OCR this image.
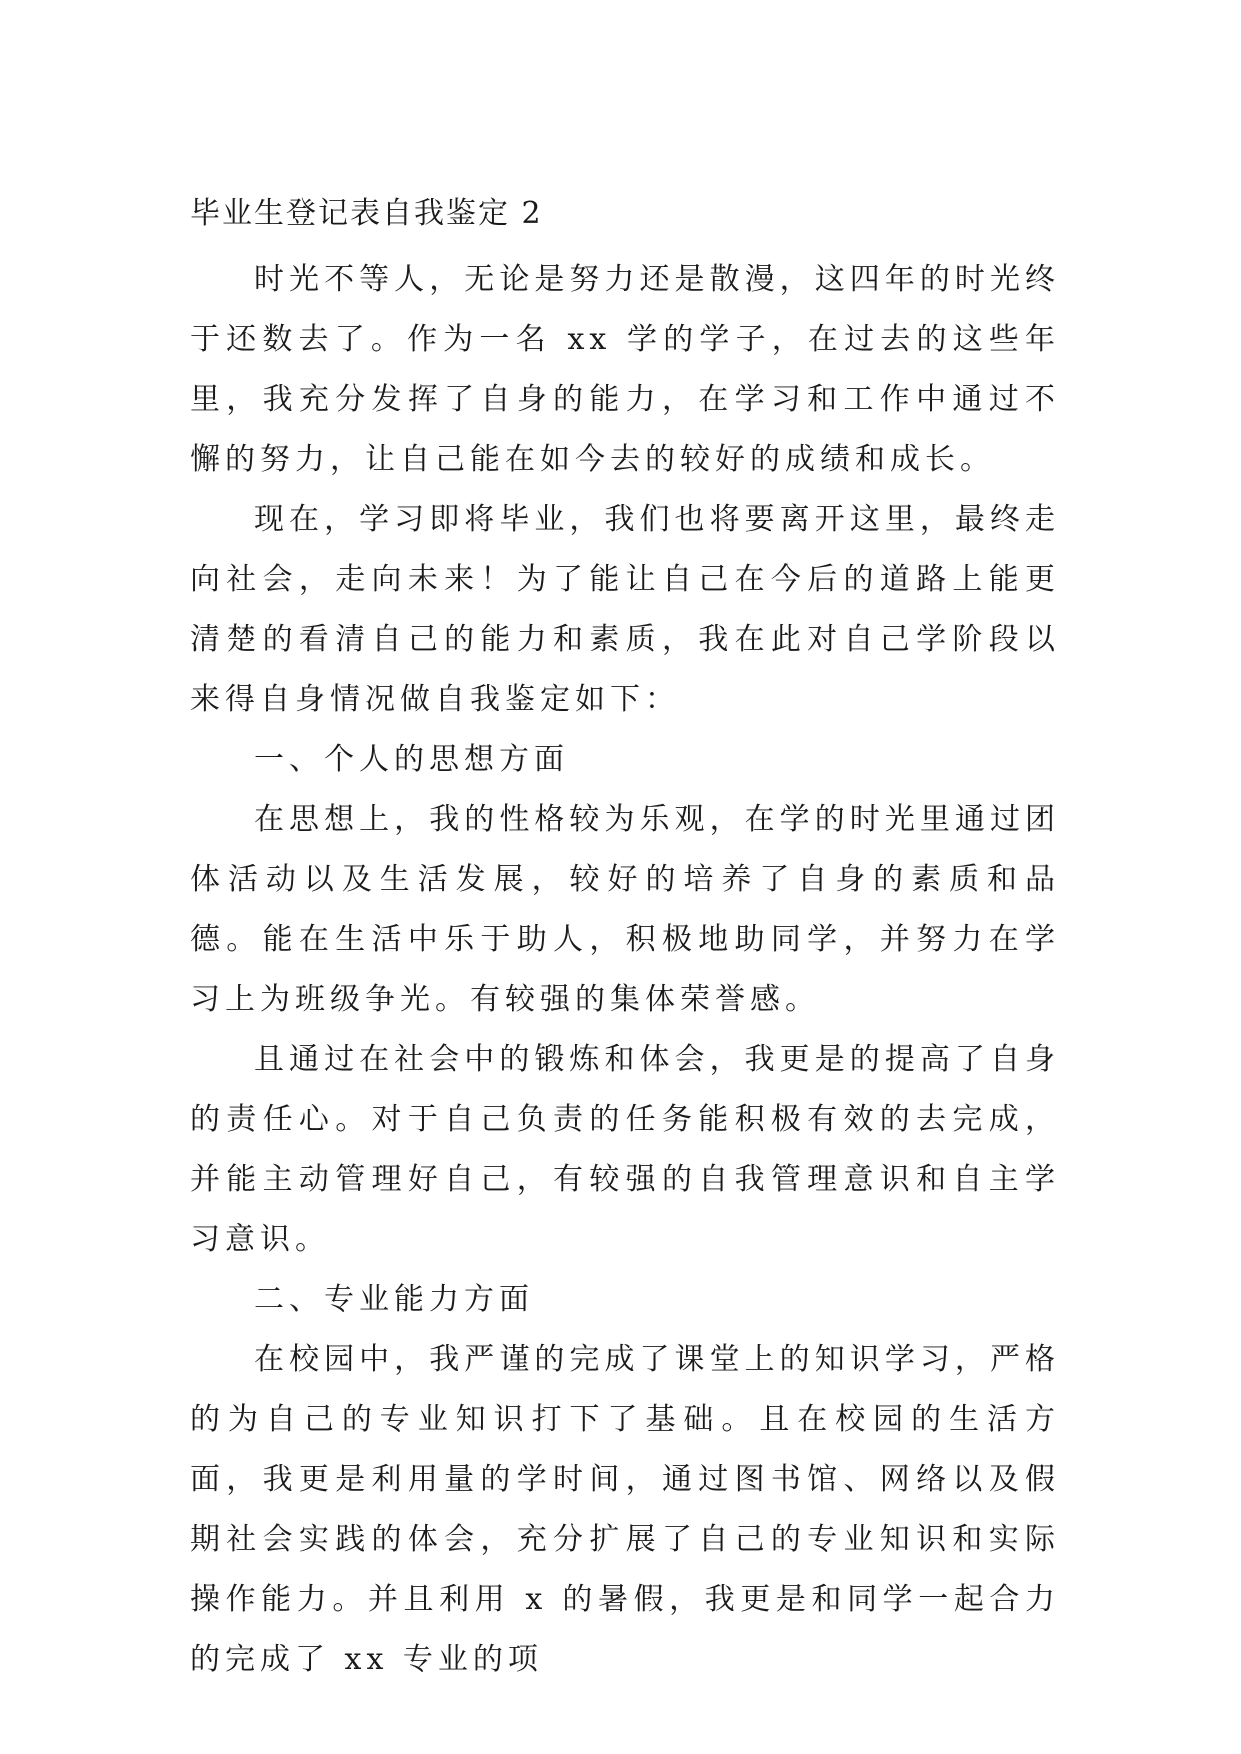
毕业生登记表自我鉴定 2

时光不等人，无论是努力还是散漫，这四年的时光终于还数去了。作为一名 xx 学的学子，在过去的这些年里，我充分发挥了自身的能力，在学习和工作中通过不懈的努力，让自己能在如今去的较好的成绩和成长。

现在，学习即将毕业，我们也将要离开这里，最终走向社会，走向未来！为了能让自己在今后的道路上能更清楚的看清自己的能力和素质，我在此对自己学阶段以来得自身情况做自我鉴定如下：

一、个人的思想方面

在思想上，我的性格较为乐观，在学的时光里通过团体活动以及生活发展，较好的培养了自身的素质和品德。能在生活中乐于助人，积极地助同学，并努力在学习上为班级争光。有较强的集体荣誉感。

且通过在社会中的锻炼和体会，我更是的提高了自身的责任心。对于自己负责的任务能积极有效的去完成，并能主动管理好自己，有较强的自我管理意识和自主学习意识。

二、专业能力方面

在校园中，我严谨的完成了课堂上的知识学习，严格的为自己的专业知识打下了基础。且在校园的生活方面，我更是利用量的学时间，通过图书馆、网络以及假期社会实践的体会，充分扩展了自己的专业知识和实际操作能力。并且利用 x 的暑假，我更是和同学一起合力的完成了 xx 专业的项
